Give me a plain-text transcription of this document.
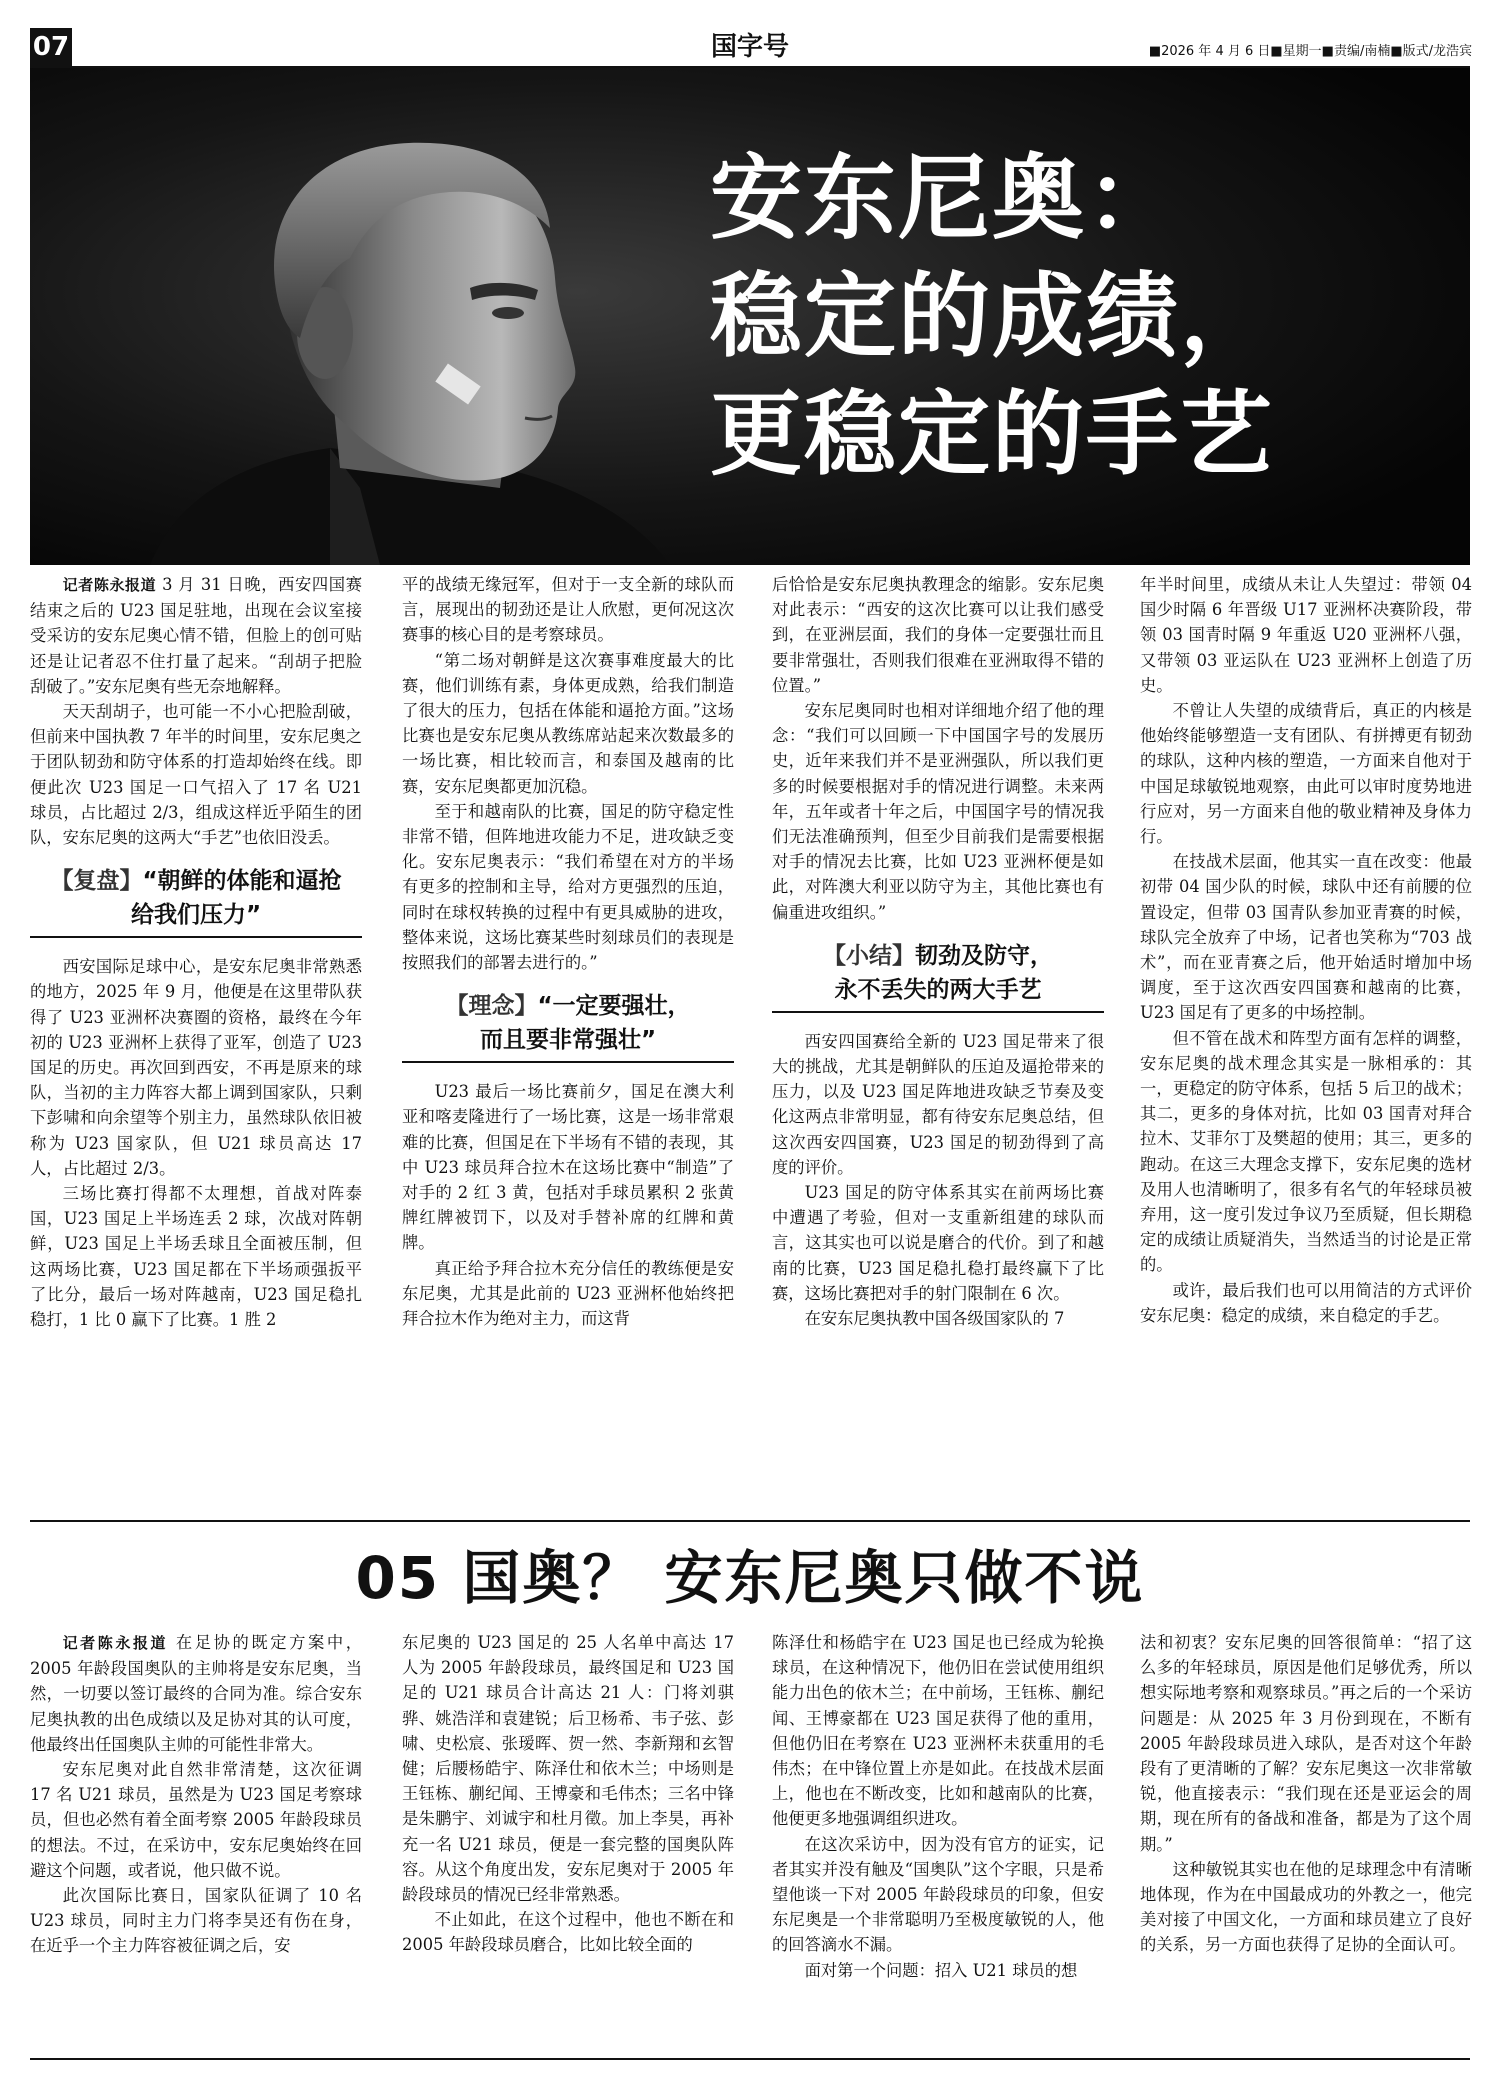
07	国字号	■2026 年 4 月 6 日■星期一■责编/南楠■版式/龙浩宾
安东尼奥：
稳定的成绩，
更稳定的手艺

记者陈永报道 3 月 31 日晚，西安四国赛结束之后的 U23 国足驻地，出现在会议室接受采访的安东尼奥心情不错，但脸上的创可贴还是让记者忍不住打量了起来。“刮胡子把脸刮破了。”安东尼奥有些无奈地解释。

天天刮胡子，也可能一不小心把脸刮破，但前来中国执教 7 年半的时间里，安东尼奥之于团队韧劲和防守体系的打造却始终在线。即便此次 U23 国足一口气招入了 17 名 U21 球员，占比超过 2/3，组成这样近乎陌生的团队，安东尼奥的这两大“手艺”也依旧没丢。

【复盘】“朝鲜的体能和逼抢
给我们压力”

西安国际足球中心，是安东尼奥非常熟悉的地方，2025 年 9 月，他便是在这里带队获得了 U23 亚洲杯决赛圈的资格，最终在今年初的 U23 亚洲杯上获得了亚军，创造了 U23 国足的历史。再次回到西安，不再是原来的球队，当初的主力阵容大都上调到国家队，只剩下彭啸和向余望等个别主力，虽然球队依旧被称为 U23 国家队，但 U21 球员高达 17 人，占比超过 2/3。

三场比赛打得都不太理想，首战对阵泰国，U23 国足上半场连丢 2 球，次战对阵朝鲜，U23 国足上半场丢球且全面被压制，但这两场比赛，U23 国足都在下半场顽强扳平了比分，最后一场对阵越南，U23 国足稳扎稳打，1 比 0 赢下了比赛。1 胜 2

平的战绩无缘冠军，但对于一支全新的球队而言，展现出的韧劲还是让人欣慰，更何况这次赛事的核心目的是考察球员。

“第二场对朝鲜是这次赛事难度最大的比赛，他们训练有素，身体更成熟，给我们制造了很大的压力，包括在体能和逼抢方面。”这场比赛也是安东尼奥从教练席站起来次数最多的一场比赛，相比较而言，和泰国及越南的比赛，安东尼奥都更加沉稳。

至于和越南队的比赛，国足的防守稳定性非常不错，但阵地进攻能力不足，进攻缺乏变化。安东尼奥表示：“我们希望在对方的半场有更多的控制和主导，给对方更强烈的压迫，同时在球权转换的过程中有更具威胁的进攻，整体来说，这场比赛某些时刻球员们的表现是按照我们的部署去进行的。”

【理念】“一定要强壮，
而且要非常强壮”

U23 最后一场比赛前夕，国足在澳大利亚和喀麦隆进行了一场比赛，这是一场非常艰难的比赛，但国足在下半场有不错的表现，其中 U23 球员拜合拉木在这场比赛中“制造”了对手的 2 红 3 黄，包括对手球员累积 2 张黄牌红牌被罚下，以及对手替补席的红牌和黄牌。

真正给予拜合拉木充分信任的教练便是安东尼奥，尤其是此前的 U23 亚洲杯他始终把拜合拉木作为绝对主力，而这背

后恰恰是安东尼奥执教理念的缩影。安东尼奥对此表示：“西安的这次比赛可以让我们感受到，在亚洲层面，我们的身体一定要强壮而且要非常强壮，否则我们很难在亚洲取得不错的位置。”

安东尼奥同时也相对详细地介绍了他的理念：“我们可以回顾一下中国国字号的发展历史，近年来我们并不是亚洲强队，所以我们更多的时候要根据对手的情况进行调整。未来两年，五年或者十年之后，中国国字号的情况我们无法准确预判，但至少目前我们是需要根据对手的情况去比赛，比如 U23 亚洲杯便是如此，对阵澳大利亚以防守为主，其他比赛也有偏重进攻组织。”

【小结】韧劲及防守，
永不丢失的两大手艺

西安四国赛给全新的 U23 国足带来了很大的挑战，尤其是朝鲜队的压迫及逼抢带来的压力，以及 U23 国足阵地进攻缺乏节奏及变化这两点非常明显，都有待安东尼奥总结，但这次西安四国赛，U23 国足的韧劲得到了高度的评价。

U23 国足的防守体系其实在前两场比赛中遭遇了考验，但对一支重新组建的球队而言，这其实也可以说是磨合的代价。到了和越南的比赛，U23 国足稳扎稳打最终赢下了比赛，这场比赛把对手的射门限制在 6 次。

在安东尼奥执教中国各级国家队的 7

年半时间里，成绩从未让人失望过：带领 04 国少时隔 6 年晋级 U17 亚洲杯决赛阶段，带领 03 国青时隔 9 年重返 U20 亚洲杯八强，又带领 03 亚运队在 U23 亚洲杯上创造了历史。

不曾让人失望的成绩背后，真正的内核是他始终能够塑造一支有团队、有拼搏更有韧劲的球队，这种内核的塑造，一方面来自他对于中国足球敏锐地观察，由此可以审时度势地进行应对，另一方面来自他的敬业精神及身体力行。

在技战术层面，他其实一直在改变：他最初带 04 国少队的时候，球队中还有前腰的位置设定，但带 03 国青队参加亚青赛的时候，球队完全放弃了中场，记者也笑称为“703 战术”，而在亚青赛之后，他开始适时增加中场调度，至于这次西安四国赛和越南的比赛，U23 国足有了更多的中场控制。

但不管在战术和阵型方面有怎样的调整，安东尼奥的战术理念其实是一脉相承的：其一，更稳定的防守体系，包括 5 后卫的战术；其二，更多的身体对抗，比如 03 国青对拜合拉木、艾菲尔丁及樊超的使用；其三，更多的跑动。在这三大理念支撑下，安东尼奥的选材及用人也清晰明了，很多有名气的年轻球员被弃用，这一度引发过争议乃至质疑，但长期稳定的成绩让质疑消失，当然适当的讨论是正常的。

或许，最后我们也可以用简洁的方式评价安东尼奥：稳定的成绩，来自稳定的手艺。

05 国奥？ 安东尼奥只做不说

记者陈永报道 在足协的既定方案中，2005 年龄段国奥队的主帅将是安东尼奥，当然，一切要以签订最终的合同为准。综合安东尼奥执教的出色成绩以及足协对其的认可度，他最终出任国奥队主帅的可能性非常大。

安东尼奥对此自然非常清楚，这次征调 17 名 U21 球员，虽然是为 U23 国足考察球员，但也必然有着全面考察 2005 年龄段球员的想法。不过，在采访中，安东尼奥始终在回避这个问题，或者说，他只做不说。

此次国际比赛日，国家队征调了 10 名 U23 球员，同时主力门将李昊还有伤在身，在近乎一个主力阵容被征调之后，安

东尼奥的 U23 国足的 25 人名单中高达 17 人为 2005 年龄段球员，最终国足和 U23 国足的 U21 球员合计高达 21 人：门将刘骐骅、姚浩洋和袁建锐；后卫杨希、韦子弦、彭啸、史松宸、张瑷晖、贺一然、李新翔和玄智健；后腰杨皓宇、陈泽仕和依木兰；中场则是王钰栋、蒯纪闻、王博豪和毛伟杰；三名中锋是朱鹏宇、刘诚宇和杜月徵。加上李昊，再补充一名 U21 球员，便是一套完整的国奥队阵容。从这个角度出发，安东尼奥对于 2005 年龄段球员的情况已经非常熟悉。

不止如此，在这个过程中，他也不断在和 2005 年龄段球员磨合，比如比较全面的

陈泽仕和杨皓宇在 U23 国足也已经成为轮换球员，在这种情况下，他仍旧在尝试使用组织能力出色的依木兰；在中前场，王钰栋、蒯纪闻、王博豪都在 U23 国足获得了他的重用，但他仍旧在考察在 U23 亚洲杯未获重用的毛伟杰；在中锋位置上亦是如此。在技战术层面上，他也在不断改变，比如和越南队的比赛，他便更多地强调组织进攻。

在这次采访中，因为没有官方的证实，记者其实并没有触及“国奥队”这个字眼，只是希望他谈一下对 2005 年龄段球员的印象，但安东尼奥是一个非常聪明乃至极度敏锐的人，他的回答滴水不漏。

面对第一个问题：招入 U21 球员的想

法和初衷？安东尼奥的回答很简单：“招了这么多的年轻球员，原因是他们足够优秀，所以想实际地考察和观察球员。”再之后的一个采访问题是：从 2025 年 3 月份到现在，不断有 2005 年龄段球员进入球队，是否对这个年龄段有了更清晰的了解？安东尼奥这一次非常敏锐，他直接表示：“我们现在还是亚运会的周期，现在所有的备战和准备，都是为了这个周期。”

这种敏锐其实也在他的足球理念中有清晰地体现，作为在中国最成功的外教之一，他完美对接了中国文化，一方面和球员建立了良好的关系，另一方面也获得了足协的全面认可。
